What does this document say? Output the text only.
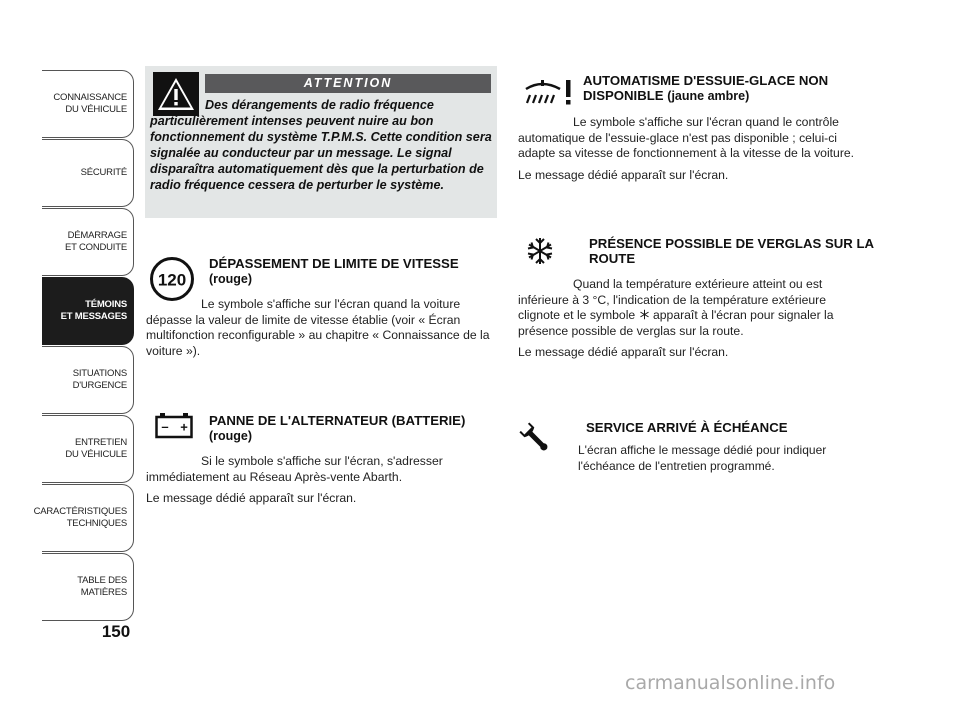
CONNAISSANCE
DU VÉHICULE
SÉCURITÉ
DÉMARRAGE
ET CONDUITE
TÉMOINS
ET MESSAGES
SITUATIONS
D'URGENCE
ENTRETIEN
DU VÉHICULE
CARACTÉRISTIQUES
TECHNIQUES
TABLE DES
MATIÈRES
150
ATTENTION
Des dérangements de radio fréquence particulièrement intenses peuvent nuire au bon fonctionnement du système T.P.M.S. Cette condition sera signalée au conducteur par un message. Le signal disparaîtra automatiquement dès que la perturbation de radio fréquence cessera de perturber le système.
120
DÉPASSEMENT DE LIMITE DE VITESSE (rouge)

Le symbole s'affiche sur l'écran quand la voiture dépasse la valeur de limite de vitesse établie (voir « Écran multifonction reconfigurable » au chapitre « Connaissance de la voiture »).

– + PANNE DE L'ALTERNATEUR (BATTERIE) (rouge)

Si le symbole s'affiche sur l'écran, s'adresser immédiatement au Réseau Après-vente Abarth.

Le message dédié apparaît sur l'écran.

AUTOMATISME D'ESSUIE-GLACE NON DISPONIBLE (jaune ambre)

Le symbole s'affiche sur l'écran quand le contrôle automatique de l'essuie-glace n'est pas disponible ; celui-ci adapte sa vitesse de fonctionnement à la vitesse de la voiture.

Le message dédié apparaît sur l'écran.

PRÉSENCE POSSIBLE DE VERGLAS SUR LA ROUTE

Quand la température extérieure atteint ou est inférieure à 3 °C, l'indication de la température extérieure clignote et le symbole apparaît à l'écran pour signaler la présence possible de verglas sur la route.

Le message dédié apparaît sur l'écran.

SERVICE ARRIVÉ À ÉCHÉANCE

L'écran affiche le message dédié pour indiquer l'échéance de l'entretien programmé.

carmanualsonline.info
